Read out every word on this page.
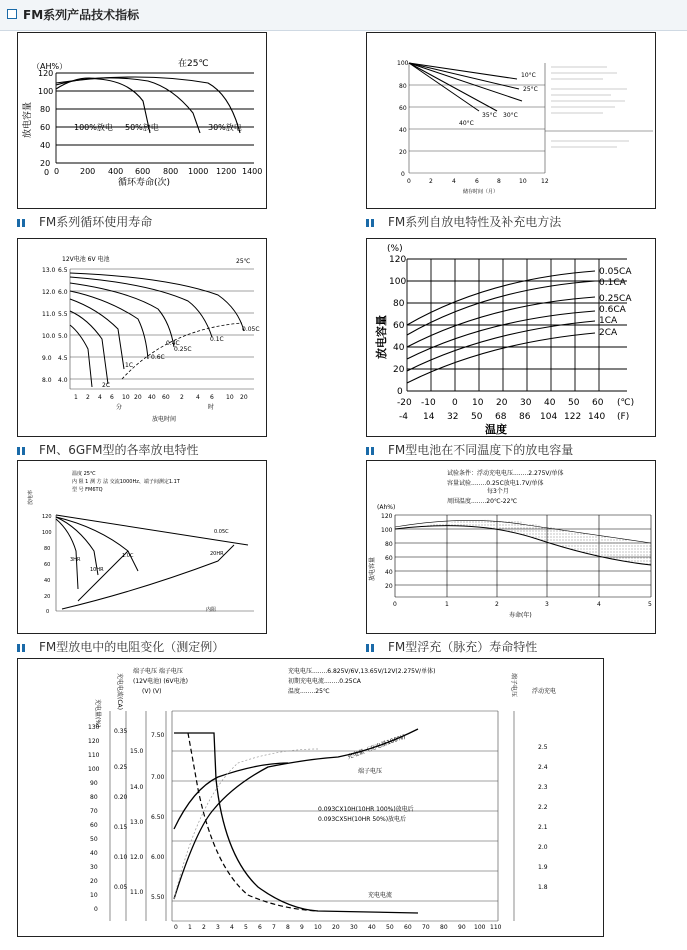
FM系列产品技术指标
（AH%）	在25℃
120
100
80
60
40
20
0 0	200 400 600 800 1000 1200 1400
100%放电 50%放电	30%放电
循环寿命(次)
放电容量
FM系列循环使用寿命
10°C
25°C
40°C
35°C 30°C
100
80
60
40
20
0
0	2	4	6	8	10 12
储存时间（月）
FM系列自放电特性及补充电方法
12V电池 6V 电池	25℃
13.0
12.0
11.0
10.0
9.0
8.0
6.5
6.0
5.5
5.0
4.5
4.0
0.05C
0.1C
0.25C
0.4C
0.6C
1C
2C
1 2 4 6 10 20 40 60 2 4 6 10 20
分	时
放电时间
FM、6GFM型的各率放电特性
(%)
120
100
80
60
40
20
0
-20 -10 0 10 20 30 40 50 60 (℃)
-4 14 32 50 68 86 104 122 140 (F)
0.05CA
0.1CA
0.25CA
0.6CA
1CA
2CA
温度
放电容量
FM型电池在不同温度下的放电容量
温度 25℃
内 阻 1 测 方 法 交流1000Hz、端子间测定1.1T
型 号 FM6TQ
120
100
80
60
40
20
0
0.05C
1.0C
3HR
10HR
20HR
内阻
放电率
FM型放电中的电阻变化（测定例）
试验条件：浮动充电电压........2.275V/单体
容量试验........0.25C放电1.7V/单体
每3个月
周围温度........20℃-22℃
(Ah%)
120
100
80
60
40
20
0	1	2	3	4	5
寿命(年)
放电容量
FM型浮充（脉充）寿命特性
端子电压 端子电压
(12V电池) (6V电池)
(V) (V)
充电电压........6.825V/6V,13.65V/12V(2.275V/单体)
初期充电电流........0.25CA
温度........25℃
130
120
110
100
90
80
70
60
50
40
30
20
10
0
0.35
0.25
0.20
0.15
0.10
0.05
15.0
14.0
13.0
12.0
11.0
7.50
7.00
6.50
6.00
5.50
2.5
2.4
2.3
2.2
2.1
2.0
1.9
1.8
浮动充电
端子电压
充电电流
充电量（充电量100%)
0.093CX10H(10HR 100%)放电后
0.093CX5H(10HR 50%)放电后
0 1 2 3 4 5 6 7 8 9 10 20 30 40 50 60 70 80 90 100 110
充电量(%)
充电电流(CA)	端子电压
